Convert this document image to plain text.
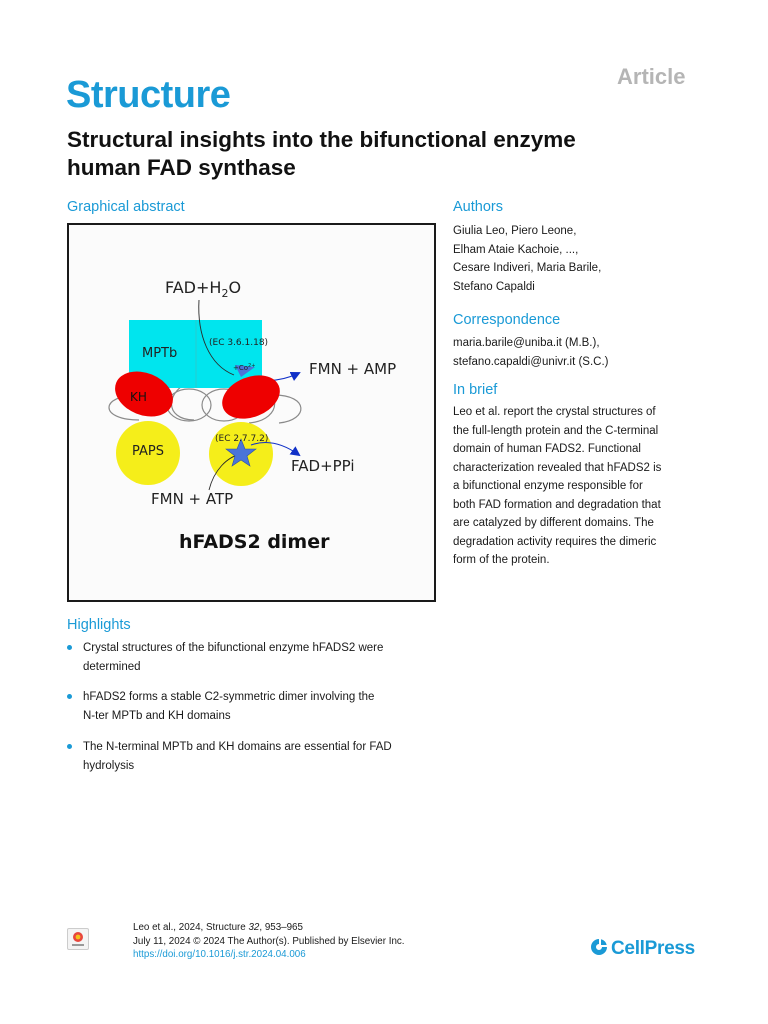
Article
Structure
Structural insights into the bifunctional enzyme
human FAD synthase
Graphical abstract
$FAD+H_2O$
MPTb
(EC 3.6.1.18)
$+Co^{2+}$	FMN + AMP
KH
PAPS
(EC 2.7.7.2)
FAD+PPi
FMN + ATP
hFADS2 dimer
Authors
Giulia Leo, Piero Leone,
Elham Ataie Kachoie, ...,
Cesare Indiveri, Maria Barile,
Stefano Capaldi
Correspondence
maria.barile@uniba.it (M.B.),
stefano.capaldi@univr.it (S.C.)
In brief
Leo et al. report the crystal structures of
the full-length protein and the C-terminal
domain of human FADS2. Functional
characterization revealed that hFADS2 is
a bifunctional enzyme responsible for
both FAD formation and degradation that
are catalyzed by different domains. The
degradation activity requires the dimeric
form of the protein.
Highlights
Crystal structures of the bifunctional enzyme hFADS2 were
determined
hFADS2 forms a stable C2-symmetric dimer involving the
N-ter MPTb and KH domains
The N-terminal MPTb and KH domains are essential for FAD
hydrolysis
Leo et al., 2024, Structure 32, 953–965
July 11, 2024 © 2024 The Author(s). Published by Elsevier Inc.
https://doi.org/10.1016/j.str.2024.04.006	CellPress
